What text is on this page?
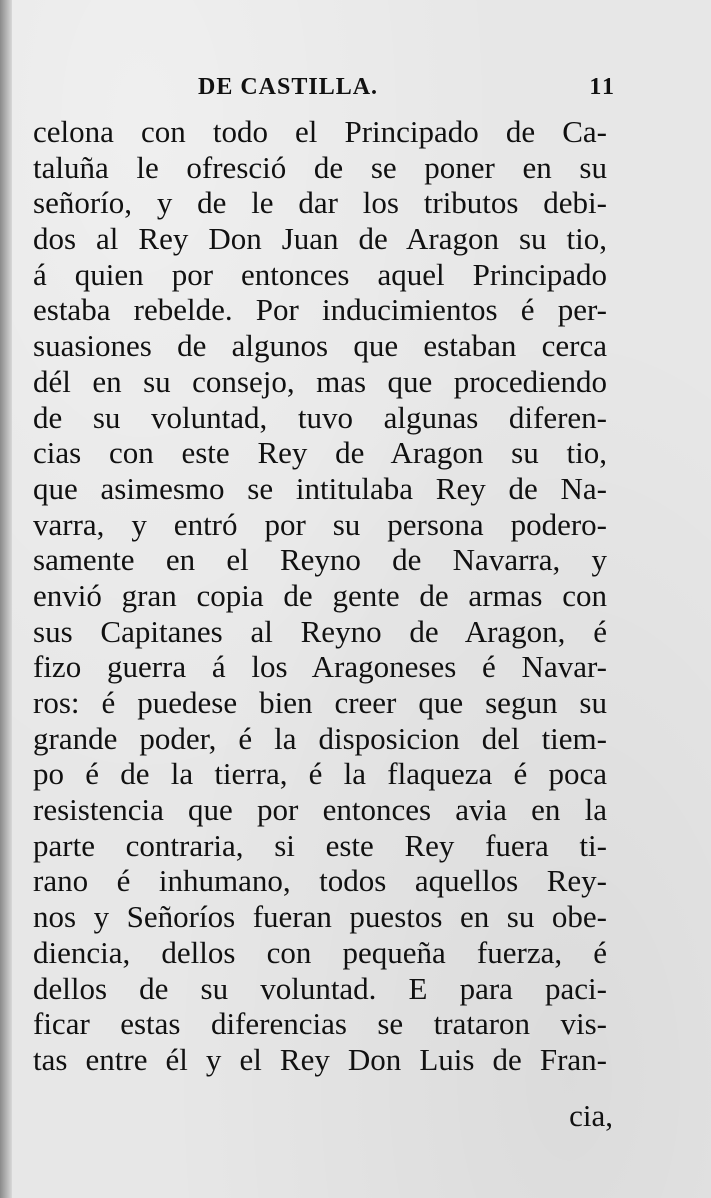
DE CASTILLA.	11
celona con todo el Principado de Ca-
taluña le ofresció de se poner en su
señorío, y de le dar los tributos debi-
dos al Rey Don Juan de Aragon su tio,
á quien por entonces aquel Principado
estaba rebelde. Por inducimientos é per-
suasiones de algunos que estaban cerca
dél en su consejo, mas que procediendo
de su voluntad, tuvo algunas diferen-
cias con este Rey de Aragon su tio,
que asimesmo se intitulaba Rey de Na-
varra, y entró por su persona podero-
samente en el Reyno de Navarra, y
envió gran copia de gente de armas con
sus Capitanes al Reyno de Aragon, é
fizo guerra á los Aragoneses é Navar-
ros: é puedese bien creer que segun su
grande poder, é la disposicion del tiem-
po é de la tierra, é la flaqueza é poca
resistencia que por entonces avia en la
parte contraria, si este Rey fuera ti-
rano é inhumano, todos aquellos Rey-
nos y Señoríos fueran puestos en su obe-
diencia, dellos con pequeña fuerza, é
dellos de su voluntad. E para paci-
ficar estas diferencias se trataron vis-
tas entre él y el Rey Don Luis de Fran-
cia,
